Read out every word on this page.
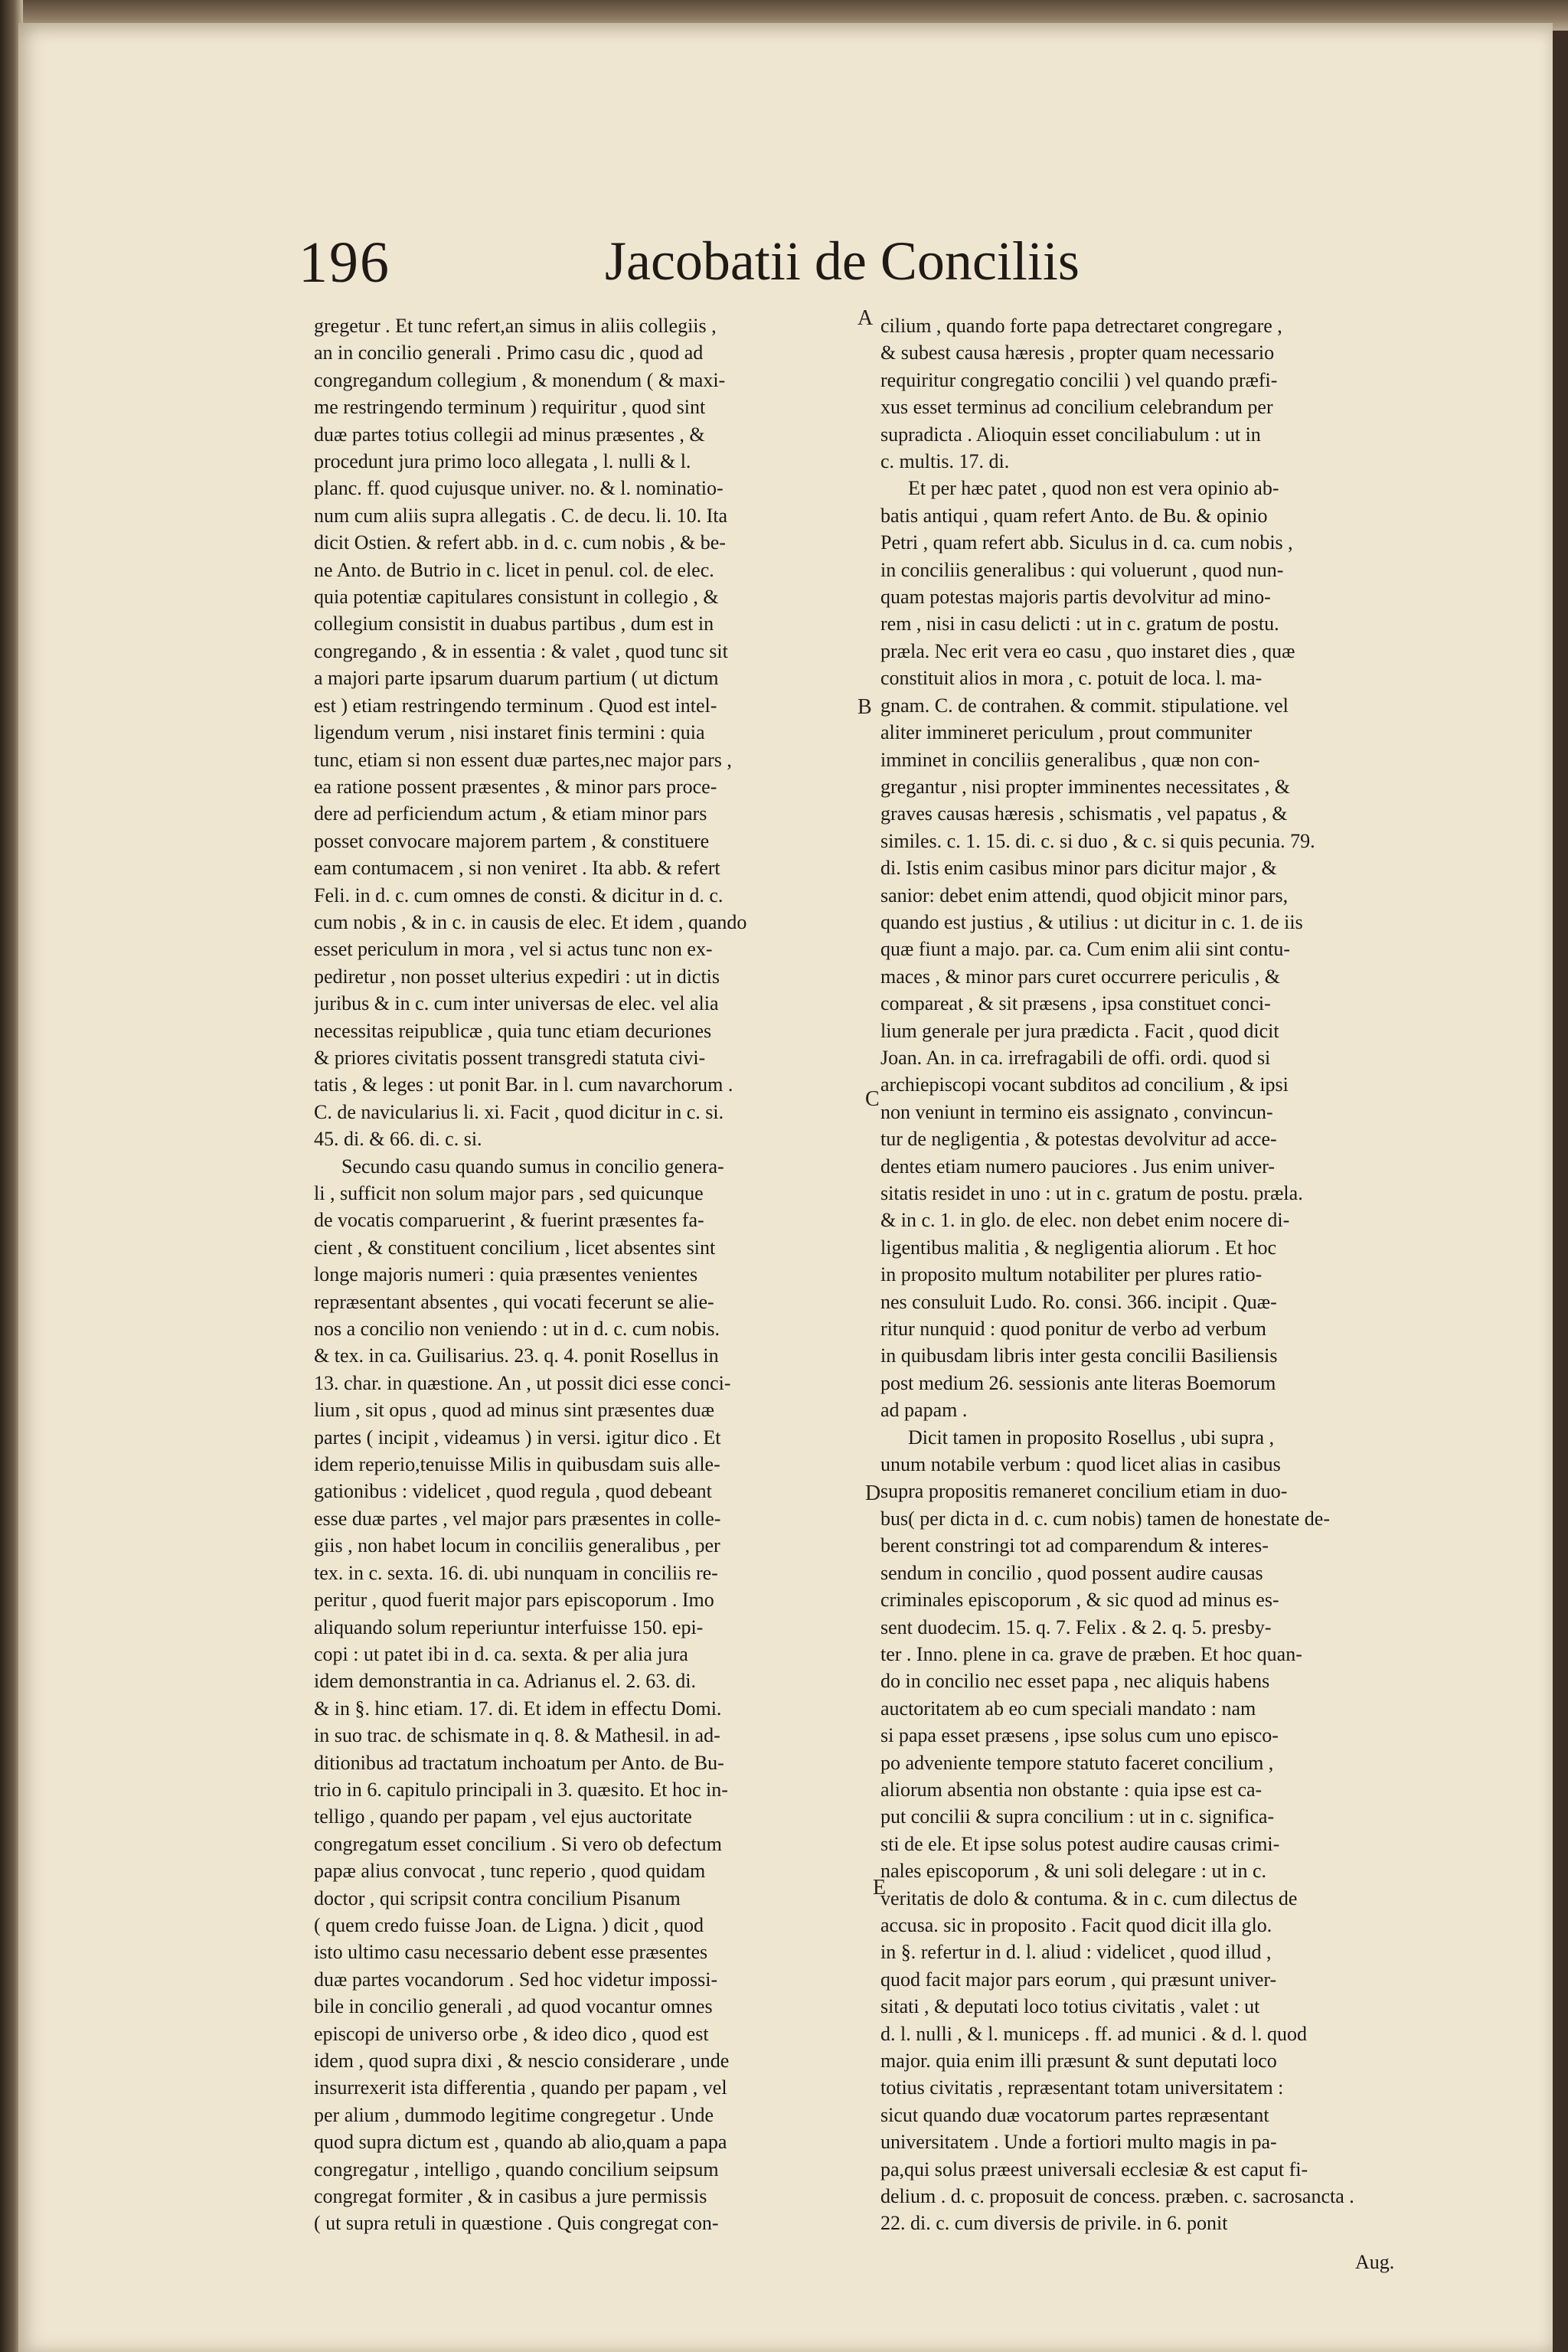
196	Jacobatii de Conciliis
gregetur . Et tunc refert,an simus in aliis collegiis ,
an in concilio generali . Primo casu dic , quod ad
congregandum collegium , & monendum ( & maxi-
me restringendo terminum ) requiritur , quod sint
duæ partes totius collegii ad minus præsentes , &
procedunt jura primo loco allegata , l. nulli & l.
planc. ff. quod cujusque univer. no. & l. nominatio-
num cum aliis supra allegatis . C. de decu. li. 10. Ita
dicit Ostien. & refert abb. in d. c. cum nobis , & be-
ne Anto. de Butrio in c. licet in penul. col. de elec.
quia potentiæ capitulares consistunt in collegio , &
collegium consistit in duabus partibus , dum est in
congregando , & in essentia : & valet , quod tunc sit
a majori parte ipsarum duarum partium ( ut dictum
est ) etiam restringendo terminum . Quod est intel-
ligendum verum , nisi instaret finis termini : quia
tunc, etiam si non essent duæ partes,nec major pars ,
ea ratione possent præsentes , & minor pars proce-
dere ad perficiendum actum , & etiam minor pars
posset convocare majorem partem , & constituere
eam contumacem , si non veniret . Ita abb. & refert
Feli. in d. c. cum omnes de consti. & dicitur in d. c.
cum nobis , & in c. in causis de elec. Et idem , quando
esset periculum in mora , vel si actus tunc non ex-
pediretur , non posset ulterius expediri : ut in dictis
juribus & in c. cum inter universas de elec. vel alia
necessitas reipublicæ , quia tunc etiam decuriones
& priores civitatis possent transgredi statuta civi-
tatis , & leges : ut ponit Bar. in l. cum navarchorum .
C. de navicularius li. xi. Facit , quod dicitur in c. si.
45. di. & 66. di. c. si.
Secundo casu quando sumus in concilio genera-
li , sufficit non solum major pars , sed quicunque
de vocatis comparuerint , & fuerint præsentes fa-
cient , & constituent concilium , licet absentes sint
longe majoris numeri : quia præsentes venientes
repræsentant absentes , qui vocati fecerunt se alie-
nos a concilio non veniendo : ut in d. c. cum nobis.
& tex. in ca. Guilisarius. 23. q. 4. ponit Rosellus in
13. char. in quæstione. An , ut possit dici esse conci-
lium , sit opus , quod ad minus sint præsentes duæ
partes ( incipit , videamus ) in versi. igitur dico . Et
idem reperio,tenuisse Milis in quibusdam suis alle-
gationibus : videlicet , quod regula , quod debeant
esse duæ partes , vel major pars præsentes in colle-
giis , non habet locum in conciliis generalibus , per
tex. in c. sexta. 16. di. ubi nunquam in conciliis re-
peritur , quod fuerit major pars episcoporum . Imo
aliquando solum reperiuntur interfuisse 150. epi-
copi : ut patet ibi in d. ca. sexta. & per alia jura
idem demonstrantia in ca. Adrianus el. 2. 63. di.
& in §. hinc etiam. 17. di. Et idem in effectu Domi.
in suo trac. de schismate in q. 8. & Mathesil. in ad-
ditionibus ad tractatum inchoatum per Anto. de Bu-
trio in 6. capitulo principali in 3. quæsito. Et hoc in-
telligo , quando per papam , vel ejus auctoritate
congregatum esset concilium . Si vero ob defectum
papæ alius convocat , tunc reperio , quod quidam
doctor , qui scripsit contra concilium Pisanum
( quem credo fuisse Joan. de Ligna. ) dicit , quod
isto ultimo casu necessario debent esse præsentes
duæ partes vocandorum . Sed hoc videtur impossi-
bile in concilio generali , ad quod vocantur omnes
episcopi de universo orbe , & ideo dico , quod est
idem , quod supra dixi , & nescio considerare , unde
insurrexerit ista differentia , quando per papam , vel
per alium , dummodo legitime congregetur . Unde
quod supra dictum est , quando ab alio,quam a papa
congregatur , intelligo , quando concilium seipsum
congregat formiter , & in casibus a jure permissis
( ut supra retuli in quæstione . Quis congregat con-
cilium , quando forte papa detrectaret congregare ,
& subest causa hæresis , propter quam necessario
requiritur congregatio concilii ) vel quando præfi-
xus esset terminus ad concilium celebrandum per
supradicta . Alioquin esset conciliabulum : ut in
c. multis. 17. di.
Et per hæc patet , quod non est vera opinio ab-
batis antiqui , quam refert Anto. de Bu. & opinio
Petri , quam refert abb. Siculus in d. ca. cum nobis ,
in conciliis generalibus : qui voluerunt , quod nun-
quam potestas majoris partis devolvitur ad mino-
rem , nisi in casu delicti : ut in c. gratum de postu.
præla. Nec erit vera eo casu , quo instaret dies , quæ
constituit alios in mora , c. potuit de loca. l. ma-
gnam. C. de contrahen. & commit. stipulatione. vel
aliter immineret periculum , prout communiter
imminet in conciliis generalibus , quæ non con-
gregantur , nisi propter imminentes necessitates , &
graves causas hæresis , schismatis , vel papatus , &
similes. c. 1. 15. di. c. si duo , & c. si quis pecunia. 79.
di. Istis enim casibus minor pars dicitur major , &
sanior: debet enim attendi, quod objicit minor pars,
quando est justius , & utilius : ut dicitur in c. 1. de iis
quæ fiunt a majo. par. ca. Cum enim alii sint contu-
maces , & minor pars curet occurrere periculis , &
compareat , & sit præsens , ipsa constituet conci-
lium generale per jura prædicta . Facit , quod dicit
Joan. An. in ca. irrefragabili de offi. ordi. quod si
archiepiscopi vocant subditos ad concilium , & ipsi
non veniunt in termino eis assignato , convincun-
tur de negligentia , & potestas devolvitur ad acce-
dentes etiam numero pauciores . Jus enim univer-
sitatis residet in uno : ut in c. gratum de postu. præla.
& in c. 1. in glo. de elec. non debet enim nocere di-
ligentibus malitia , & negligentia aliorum . Et hoc
in proposito multum notabiliter per plures ratio-
nes consuluit Ludo. Ro. consi. 366. incipit . Quæ-
ritur nunquid : quod ponitur de verbo ad verbum
in quibusdam libris inter gesta concilii Basiliensis
post medium 26. sessionis ante literas Boemorum
ad papam .
Dicit tamen in proposito Rosellus , ubi supra ,
unum notabile verbum : quod licet alias in casibus
supra propositis remaneret concilium etiam in duo-
bus( per dicta in d. c. cum nobis) tamen de honestate de-
berent constringi tot ad comparendum & interes-
sendum in concilio , quod possent audire causas
criminales episcoporum , & sic quod ad minus es-
sent duodecim. 15. q. 7. Felix . & 2. q. 5. presby-
ter . Inno. plene in ca. grave de præben. Et hoc quan-
do in concilio nec esset papa , nec aliquis habens
auctoritatem ab eo cum speciali mandato : nam
si papa esset præsens , ipse solus cum uno episco-
po adveniente tempore statuto faceret concilium ,
aliorum absentia non obstante : quia ipse est ca-
put concilii & supra concilium : ut in c. significa-
sti de ele. Et ipse solus potest audire causas crimi-
nales episcoporum , & uni soli delegare : ut in c.
veritatis de dolo & contuma. & in c. cum dilectus de
accusa. sic in proposito . Facit quod dicit illa glo.
in §. refertur in d. l. aliud : videlicet , quod illud ,
quod facit major pars eorum , qui præsunt univer-
sitati , & deputati loco totius civitatis , valet : ut
d. l. nulli , & l. municeps . ff. ad munici . & d. l. quod
major. quia enim illi præsunt & sunt deputati loco
totius civitatis , repræsentant totam universitatem :
sicut quando duæ vocatorum partes repræsentant
universitatem . Unde a fortiori multo magis in pa-
pa,qui solus præest universali ecclesiæ & est caput fi-
delium . d. c. proposuit de concess. præben. c. sacrosancta .
22. di. c. cum diversis de privile. in 6. ponit
A
B
C
D
E
Aug.
